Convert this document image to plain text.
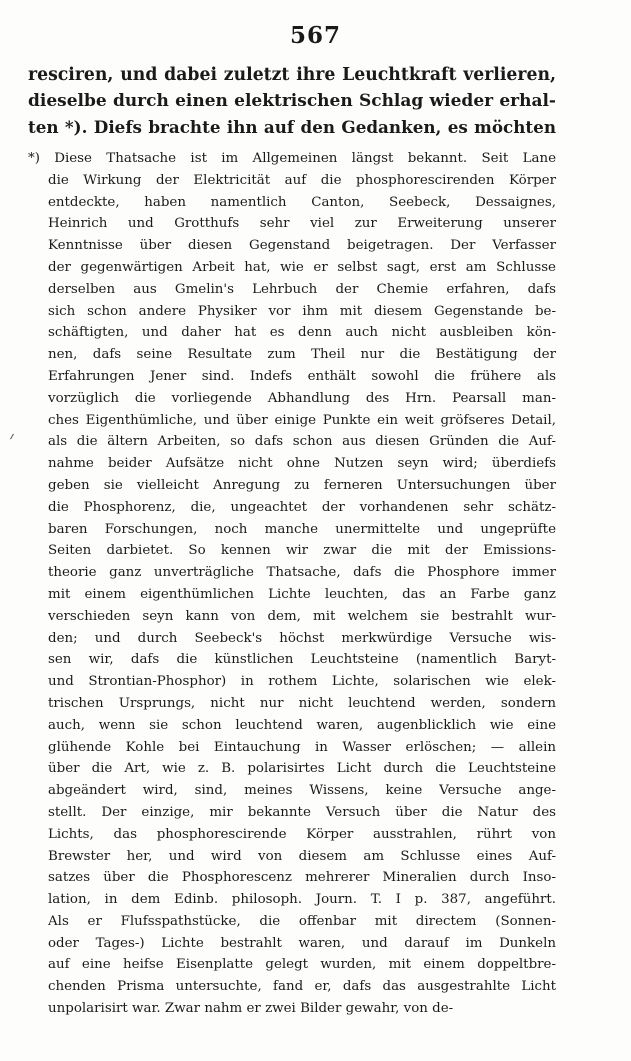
567
resciren, und dabei zuletzt ihre Leuchtkraft verlieren,
dieselbe durch einen elektrischen Schlag wieder erhal-
ten *). Diefs brachte ihn auf den Gedanken, es möchten
*) Diese Thatsache ist im Allgemeinen längst bekannt. Seit Lane
die Wirkung der Elektricität auf die phosphorescirenden Körper
entdeckte, haben namentlich Canton, Seebeck, Dessaignes,
Heinrich und Grotthufs sehr viel zur Erweiterung unserer
Kenntnisse über diesen Gegenstand beigetragen. Der Verfasser
der gegenwärtigen Arbeit hat, wie er selbst sagt, erst am Schlusse
derselben aus Gmelin's Lehrbuch der Chemie erfahren, dafs
sich schon andere Physiker vor ihm mit diesem Gegenstande be-
schäftigten, und daher hat es denn auch nicht ausbleiben kön-
nen, dafs seine Resultate zum Theil nur die Bestätigung der
Erfahrungen Jener sind. Indefs enthält sowohl die frühere als
vorzüglich die vorliegende Abhandlung des Hrn. Pearsall man-
ches Eigenthümliche, und über einige Punkte ein weit gröfseres Detail,
als die ältern Arbeiten, so dafs schon aus diesen Gründen die Auf-
nahme beider Aufsätze nicht ohne Nutzen seyn wird; überdiefs
geben sie vielleicht Anregung zu ferneren Untersuchungen über
die Phosphorenz, die, ungeachtet der vorhandenen sehr schätz-
baren Forschungen, noch manche unermittelte und ungeprüfte
Seiten darbietet. So kennen wir zwar die mit der Emissions-
theorie ganz unverträgliche Thatsache, dafs die Phosphore immer
mit einem eigenthümlichen Lichte leuchten, das an Farbe ganz
verschieden seyn kann von dem, mit welchem sie bestrahlt wur-
den; und durch Seebeck's höchst merkwürdige Versuche wis-
sen wir, dafs die künstlichen Leuchtsteine (namentlich Baryt-
und Strontian-Phosphor) in rothem Lichte, solarischen wie elek-
trischen Ursprungs, nicht nur nicht leuchtend werden, sondern
auch, wenn sie schon leuchtend waren, augenblicklich wie eine
glühende Kohle bei Eintauchung in Wasser erlöschen; — allein
über die Art, wie z. B. polarisirtes Licht durch die Leuchtsteine
abgeändert wird, sind, meines Wissens, keine Versuche ange-
stellt. Der einzige, mir bekannte Versuch über die Natur des
Lichts, das phosphorescirende Körper ausstrahlen, rührt von
Brewster her, und wird von diesem am Schlusse eines Auf-
satzes über die Phosphorescenz mehrerer Mineralien durch Inso-
lation, in dem Edinb. philosoph. Journ. T. I p. 387, angeführt.
Als er Flufsspathstücke, die offenbar mit directem (Sonnen-
oder Tages-) Lichte bestrahlt waren, und darauf im Dunkeln
auf eine heifse Eisenplatte gelegt wurden, mit einem doppeltbre-
chenden Prisma untersuchte, fand er, dafs das ausgestrahlte Licht
unpolarisirt war. Zwar nahm er zwei Bilder gewahr, von de-
